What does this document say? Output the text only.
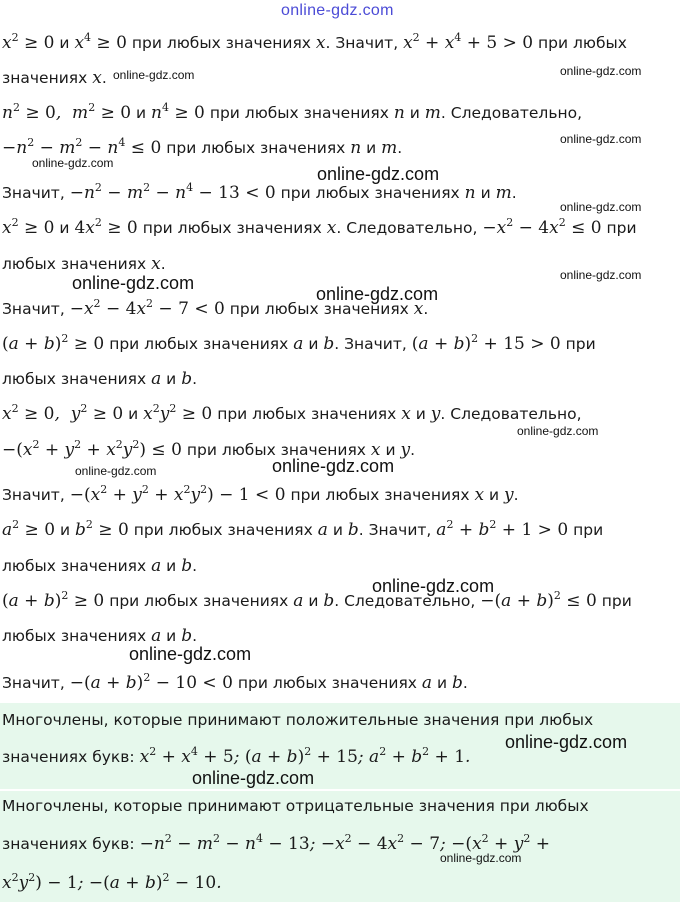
online-gdz.com
$x^2 \ge 0$ и $x^4 \ge 0$ при любых значениях x. Значит, $x^2 + x^4 + 5 > 0$ при любых
значениях x.
$n^2 \ge 0$,  $m^2 \ge 0$ и $n^4 \ge 0$ при любых значениях n и m. Следовательно,
$-n^2 - m^2 - n^4 \le 0$ при любых значениях n и m.
Значит, $-n^2 - m^2 - n^4 - 13 < 0$ при любых значениях n и m.
$x^2 \ge 0$ и $4x^2 \ge 0$ при любых значениях x. Следовательно, $-x^2 - 4x^2 \le 0$ при
любых значениях x.
Значит, $-x^2 - 4x^2 - 7 < 0$ при любых значениях x.
$(a + b)^2 \ge 0$ при любых значениях a и b. Значит, $(a + b)^2 + 15 > 0$ при
любых значениях a и b.
$x^2 \ge 0$,  $y^2 \ge 0$ и $x^2y^2 \ge 0$ при любых значениях x и y. Следовательно,
$-(x^2 + y^2 + x^2y^2) \le 0$ при любых значениях x и y.
Значит, $-(x^2 + y^2 + x^2y^2) - 1 < 0$ при любых значениях x и y.
$a^2 \ge 0$ и $b^2 \ge 0$ при любых значениях a и b. Значит, $a^2 + b^2 + 1 > 0$ при
любых значениях a и b.
$(a + b)^2 \ge 0$ при любых значениях a и b. Следовательно, $-(a + b)^2 \le 0$ при
любых значениях a и b.
Значит, $-(a + b)^2 - 10 < 0$ при любых значениях a и b.
Многочлены, которые принимают положительные значения при любых
значениях букв: $x^2 + x^4 + 5$; $(a + b)^2 + 15$; $a^2 + b^2 + 1$.
Многочлены, которые принимают отрицательные значения при любых
значениях букв: $-n^2 - m^2 - n^4 - 13$; $-x^2 - 4x^2 - 7$; $-(x^2 + y^2$ +
$x^2y^2) - 1$; $-(a + b)^2 - 10$.
online-gdz.com	online-gdz.com
online-gdz.com
online-gdz.com
online-gdz.com
online-gdz.com
online-gdz.com
online-gdz.com
online-gdz.com
online-gdz.com
online-gdz.com
online-gdz.com
online-gdz.com
online-gdz.com
online-gdz.com
online-gdz.com
online-gdz.com
